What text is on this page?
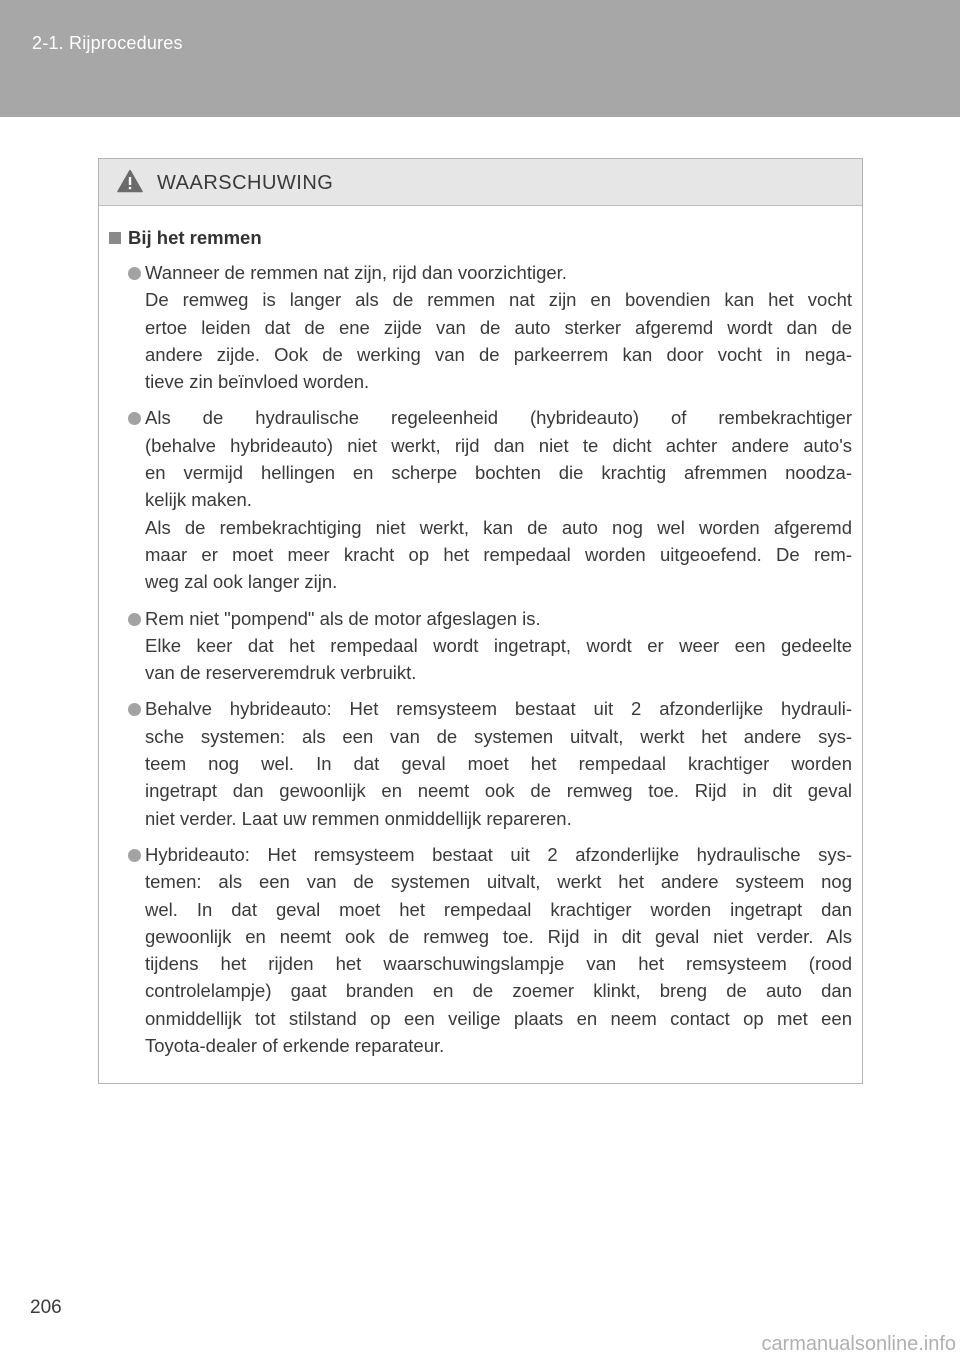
2-1. Rijprocedures
WAARSCHUWING
Bij het remmen
Wanneer de remmen nat zijn, rijd dan voorzichtiger.
De remweg is langer als de remmen nat zijn en bovendien kan het vocht
ertoe leiden dat de ene zijde van de auto sterker afgeremd wordt dan de
andere zijde. Ook de werking van de parkeerrem kan door vocht in nega-
tieve zin beïnvloed worden.
Als de hydraulische regeleenheid (hybrideauto) of rembekrachtiger
(behalve hybrideauto) niet werkt, rijd dan niet te dicht achter andere auto's
en vermijd hellingen en scherpe bochten die krachtig afremmen noodza-
kelijk maken.
Als de rembekrachtiging niet werkt, kan de auto nog wel worden afgeremd
maar er moet meer kracht op het rempedaal worden uitgeoefend. De rem-
weg zal ook langer zijn.
Rem niet "pompend" als de motor afgeslagen is.
Elke keer dat het rempedaal wordt ingetrapt, wordt er weer een gedeelte
van de reserveremdruk verbruikt.
Behalve hybrideauto: Het remsysteem bestaat uit 2 afzonderlijke hydrauli-
sche systemen: als een van de systemen uitvalt, werkt het andere sys-
teem nog wel. In dat geval moet het rempedaal krachtiger worden
ingetrapt dan gewoonlijk en neemt ook de remweg toe. Rijd in dit geval
niet verder. Laat uw remmen onmiddellijk repareren.
Hybrideauto: Het remsysteem bestaat uit 2 afzonderlijke hydraulische sys-
temen: als een van de systemen uitvalt, werkt het andere systeem nog
wel. In dat geval moet het rempedaal krachtiger worden ingetrapt dan
gewoonlijk en neemt ook de remweg toe. Rijd in dit geval niet verder. Als
tijdens het rijden het waarschuwingslampje van het remsysteem (rood
controlelampje) gaat branden en de zoemer klinkt, breng de auto dan
onmiddellijk tot stilstand op een veilige plaats en neem contact op met een
Toyota-dealer of erkende reparateur.
206
carmanualsonline.info
